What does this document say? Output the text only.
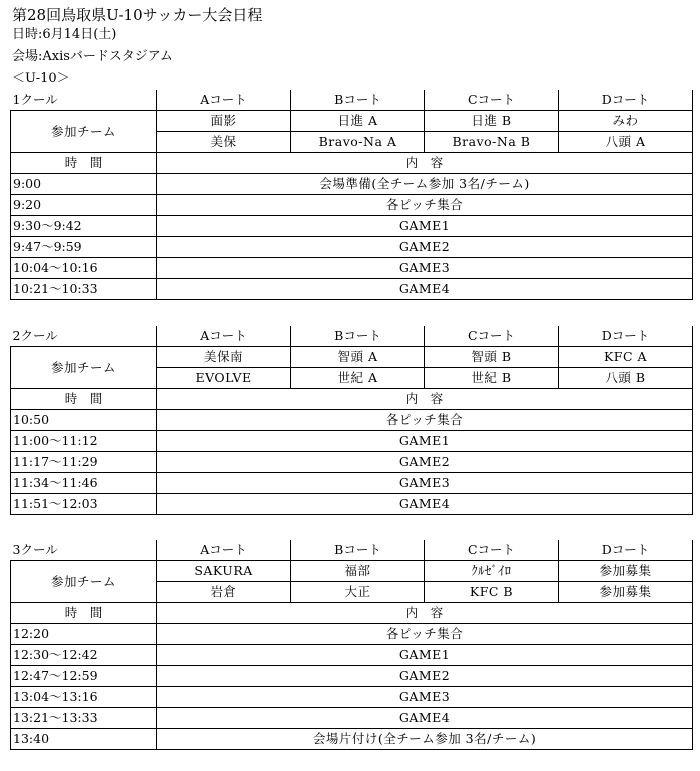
第28回鳥取県U-10サッカー大会日程
日時:6月14日(土)
会場:Axisバードスタジアム
＜U-10＞
1クール	Aコート	Bコート	Cコート	Dコート
参加チーム	面影	日進 A	日進 B	みわ
	美保	Bravo-Na A	Bravo-Na B	八頭 A
時　間	内　容			
9:00	会場準備(全チーム参加 3名/チーム)			
9:20	各ピッチ集合			
9:30～9:42	GAME1			
9:47～9:59	GAME2			
10:04～10:16	GAME3			
10:21～10:33	GAME4			
2クール	Aコート	Bコート	Cコート	Dコート
参加チーム	美保南	智頭 A	智頭 B	KFC A
	EVOLVE	世紀 A	世紀 B	八頭 B
時　間	内　容			
10:50	各ピッチ集合			
11:00～11:12	GAME1			
11:17～11:29	GAME2			
11:34～11:46	GAME3			
11:51～12:03	GAME4			
3クール	Aコート	Bコート	Cコート	Dコート
参加チーム	SAKURA	福部	ｸﾙｾﾞｲﾛ	参加募集
	岩倉	大正	KFC B	参加募集
時　間	内　容			
12:20	各ピッチ集合			
12:30～12:42	GAME1			
12:47～12:59	GAME2			
13:04～13:16	GAME3			
13:21～13:33	GAME4			
13:40	会場片付け(全チーム参加 3名/チーム)			
